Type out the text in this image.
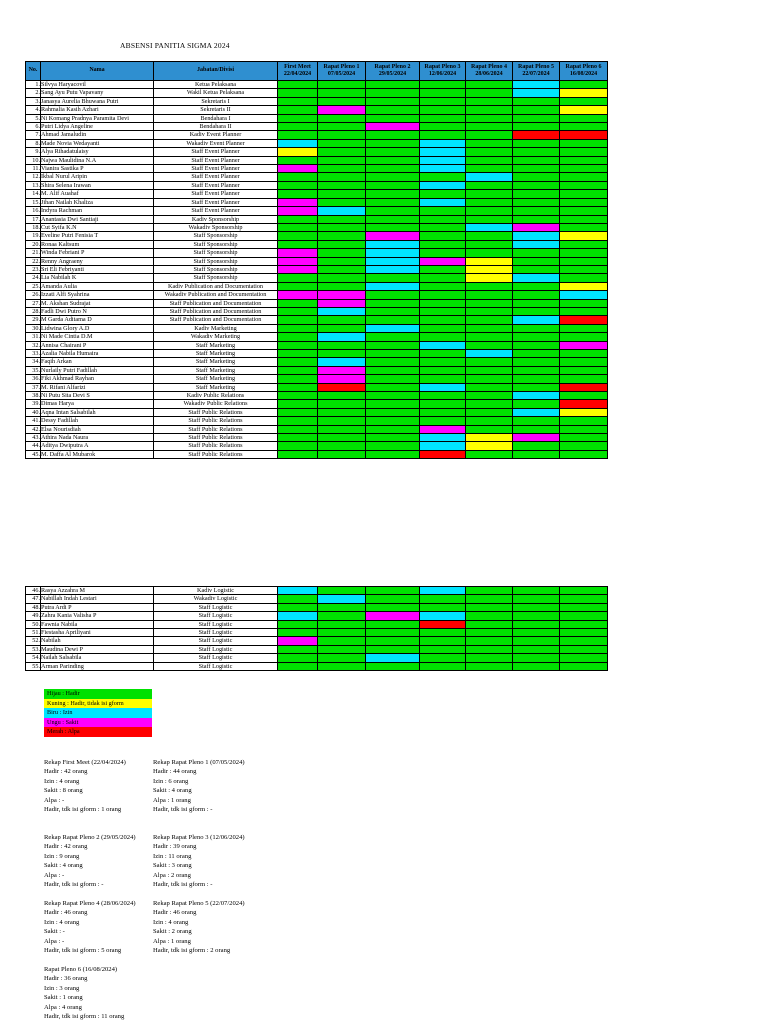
ABSENSI PANITIA SIGMA 2024
No.	Nama	Jabatan/Divisi	First Meet 22/04/2024	Rapat Pleno 1 07/05/2024	Rapat Pleno 2 29/05/2024	Rapat Pleno 3 12/06/2024	Rapat Pleno 4 28/06/2024	Rapat Pleno 5 22/07/2024	Rapat Pleno 6 16/08/2024
1.	Silvya Haryacovil	Ketua Pelaksana							
2.	Sang Ayu Putu Vapavany	Wakil Ketua Pelaksana							
3.	Janasya Aurelia Bhuwana Putri	Sekretaris I							
4.	Rahmalia Kasih Azhari	Sekretaris II							
5.	Ni Komang Pradnya Paramita Devi	Bendahara I							
6.	Putri Lidya Angeline	Bendahara II							
7.	Ahmad Jamaludin	Kadiv Event Planner							
8.	Made Novia Wedayanti	Wakadiv Event Planner							
9.	Alya Rihadatulaisy	Staff Event Planner							
10.	Najwa Maulidina N.A	Staff Event Planner							
11.	Vianira Sastika P	Staff Event Planner							
12.	Ikbal Nurul Aripin	Staff Event Planner							
13.	Shira Selena Irawan	Staff Event Planner							
14.	M. Alif Auahaf	Staff Event Planner							
15.	Jihan Nailah Khaliza	Staff Event Planner							
16.	Indyra Rachman	Staff Event Planner							
17.	Anantasia Dwi Santiaji	Kadiv Sponsorship							
18.	Cut Syifa K.N	Wakadiv Sponsorship							
19.	Eveline Putri Fenisia T	Staff Sponsorship							
20.	Ronaa Kaltsum	Staff Sponsorship							
21.	Winda Febriani P	Staff Sponsorship							
22.	Renny Angraeny	Staff Sponsorship							
23.	Sri Eli Febriyanti	Staff Sponsorship							
24.	Lia Nabilah K	Staff Sponsorship							
25.	Amanda Aulia	Kadiv Publication and Documentation							
26.	Izzati Alfi Syahrina	Wakadiv Publication and Documentation							
27.	M. Akshan Sudrajat	Staff Publication and Documentation							
28.	Fadli Dwi Putro N	Staff Publication and Documentation							
29.	M Garda Aditama D	Staff Publication and Documentation							
30.	Lidwina Glory A.D	Kadiv Marketing							
31.	Ni Made Cintia D.M	Wakadiv Marketing							
32.	Annisa Chairani P	Staff Marketing							
33.	Azalia Nabila Humaira	Staff Marketing							
34.	Faqih Arkan	Staff Marketing							
35.	Nurlaily Putri Fadillah	Staff Marketing							
36.	Fiki Akhmad Rayhan	Staff Marketing							
37.	M. Rifani Alfarizi	Staff Marketing							
38.	Ni Putu Sita Devi S	Kadiv Public Relations							
39.	Dimas Harya	Wakadiv Public Relations							
40.	Aqna Intan Salsabilah	Staff Public Relations							
41.	Dessy Fadillah	Staff Public Relations							
42.	Elsa Nourisdiah	Staff Public Relations							
43.	Athira Nada Naura	Staff Public Relations							
44.	Aditya Dwiputra A	Staff Public Relations							
45.	M. Daffa Al Mubarok	Staff Public Relations							
46.	Rasya Azzahra M	Kadiv Logistic							
47.	Nabillah Indah Lestari	Wakadiv Logistic							
48.	Putra Ardi P	Staff Logistic							
49.	Zahra Kania Valisha P	Staff Logistic							
50.	Fawnia Nabila	Staff Logistic							
51.	Fiestasha Apriliyani	Staff Logistic							
52.	Nabilah	Staff Logistic							
53.	Maudina Dewi P	Staff Logistic							
54.	Nailah Salsabila	Staff Logistic							
55.	Arman Parinding	Staff Logistic							
Hijau : Hadir
Kuning : Hadir, tidak isi gform
Biru : Izin
Ungu : Sakit
Merah : Alpa
Rekap First Meet (22/04/2024)
Hadir : 42 orang
Izin : 4 orang
Sakit : 8 orang
Alpa : -
Hadir, tdk isi gform : 1 orang
Rekap Rapat Pleno 1 (07/05/2024)
Hadir : 44 orang
Izin : 6 orang
Sakit : 4 orang
Alpa : 1 orang
Hadir, tdk isi gform : -
Rekap Rapat Pleno 2 (29/05/2024)
Hadir : 42 orang
Izin : 9 orang
Sakit : 4 orang
Alpa : -
Hadir, tdk isi gform : -
Rekap Rapat Pleno 3 (12/06/2024)
Hadir : 39 orang
Izin : 11 orang
Sakit : 3 orang
Alpa : 2 orang
Hadir, tdk isi gform : -
Rekap Rapat Pleno 4 (28/06/2024)
Hadir : 46 orang
Izin : 4 orang
Sakit : -
Alpa : -
Hadir, tdk isi gform : 5 orang
Rekap Rapat Pleno 5 (22/07/2024)
Hadir : 46 orang
Izin : 4 orang
Sakit : 2 orang
Alpa : 1 orang
Hadir, tdk isi gform : 2 orang
Rapat Pleno 6 (16/08/2024)
Hadir : 36 orang
Izin : 3 orang
Sakit : 1 orang
Alpa : 4 orang
Hadir, tdk isi gform : 11 orang
